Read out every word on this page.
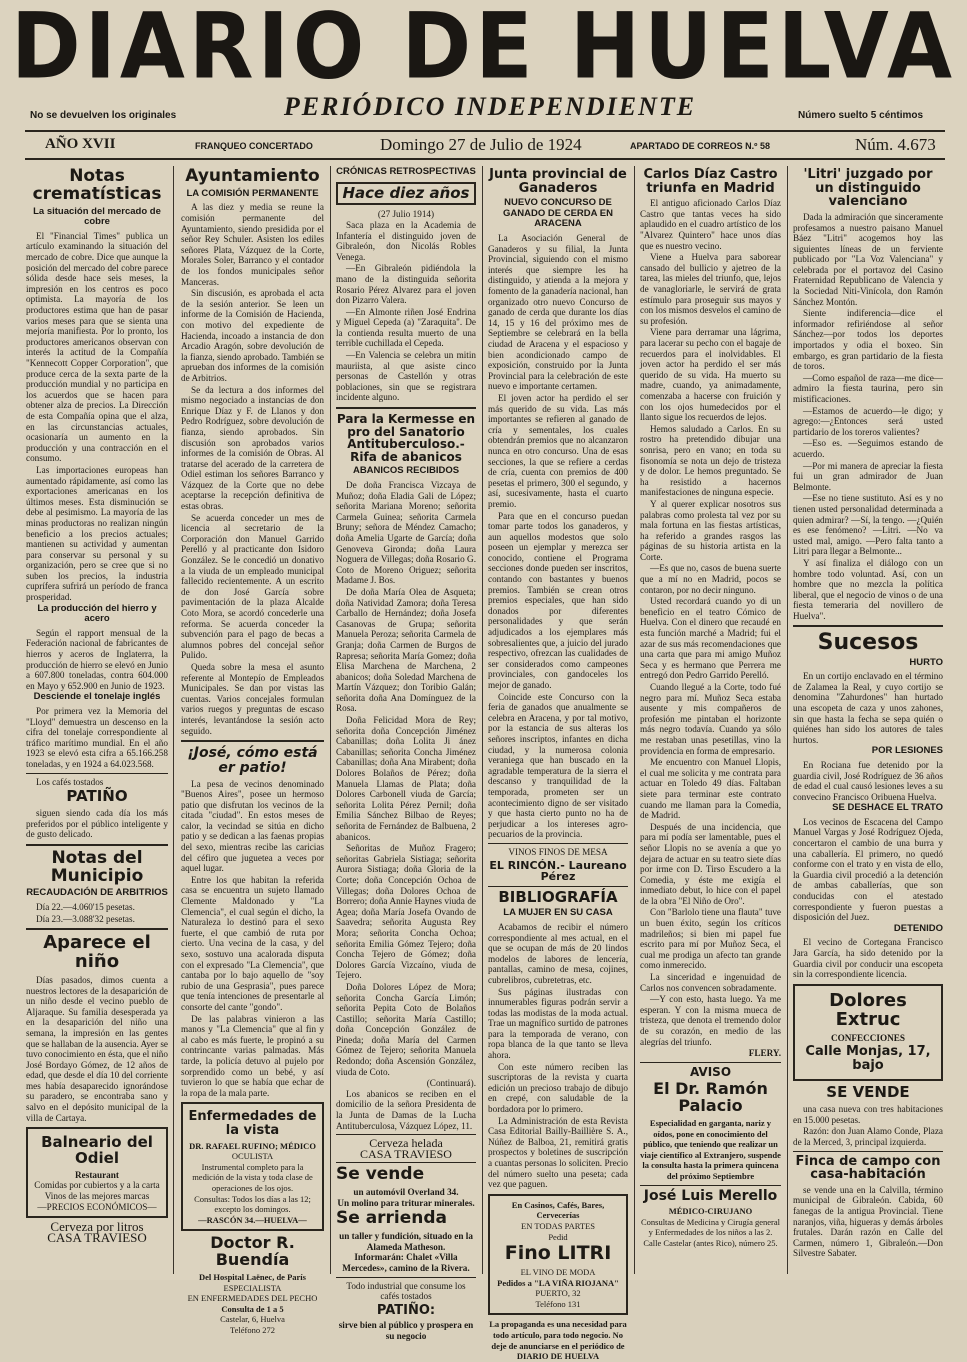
DIARIO DE HUELVA
No se devuelven los originales	PERIÓDICO INDEPENDIENTE	Número suelto 5 céntimos
AÑO XVII	FRANQUEO CONCERTADO	Domingo 27 de Julio de 1924	APARTADO DE CORREOS N.º 58	Núm. 4.673
Notas crematísticas
La situación del mercado de cobre

El "Financial Times" publica un artículo examinando la situación del mercado de cobre. Dice que aunque la posición del mercado del cobre parece sólida desde hace seis meses, la impresión en los centros es poco optimista. La mayoría de los productores estima que han de pasar varios meses para que se sienta una mejoría manifiesta. Por lo pronto, los productores americanos observan con interés la actitud de la Compañía "Kennecott Copper Corporation", que produce cerca de la sexta parte de la producción mundial y no participa en los acuerdos que se hacen para obtener alza de precios. La Dirección de esta Compañía opina que el alza, en las circunstancias actuales, ocasionaría un aumento en la producción y una contracción en el consumo.

Las importaciones europeas han aumentado rápidamente, así como las exportaciones americanas en los últimos meses. Esta disminución se debe al pesimismo. La mayoría de las minas productoras no realizan ningún beneficio a los precios actuales; mantienen su actividad y aumentan para conservar su personal y su organización, pero se cree que si no suben los precios, la industria cuprífera sufrirá un período de franca prosperidad.

La producción del hierro y acero

Según el rapport mensual de la Federación nacional de fabricantes de hierros y aceros de Inglaterra, la producción de hierro se elevó en Junio a 607.800 toneladas, contra 604.000 en Mayo y 652.900 en Junio de 1923.

Desciende el tonelaje inglés

Por primera vez la Memoria del "Lloyd" demuestra un descenso en la cifra del tonelaje correspondiente al tráfico marítimo mundial. En el año 1923 se elevó esta cifra a 65.166.258 toneladas, y en 1924 a 64.023.568.

Los cafés tostados

PATIÑO

siguen siendo cada día los más preferidos por el público inteligente y de gusto delicado.

Notas del Municipio
RECAUDACIÓN DE ARBITRIOS

Día 22.—4.060'15 pesetas.

Día 23.—3.088'32 pesetas.

Aparece el niño

Días pasados, dimos cuenta a nuestros lectores de la desaparición de un niño desde el vecino pueblo de Aljaraque. Su familia desesperada ya en la desaparición del niño una semana, la impresión en las gentes que se hallaban de la ausencia. Ayer se tuvo conocimiento en ésta, que el niño José Bordayo Gómez, de 12 años de edad, que desde el día 10 del corriente mes había desaparecido ignorándose su paradero, se encontraba sano y salvo en el depósito municipal de la villa de Cartaya.

Balneario del Odiel
Restaurant
Comidas por cubiertos y a la carta
Vinos de las mejores marcas
—PRECIOS ECONÓMICOS—
Cerveza por litros
CASA TRAVIESO
Ayuntamiento
LA COMISIÓN PERMANENTE

A las diez y media se reune la comisión permanente del Ayuntamiento, siendo presidida por el señor Rey Schuler. Asisten los ediles señores Plata, Vázquez de la Corte, Morales Soler, Barranco y el contador de los fondos municipales señor Manceras.

Sin discusión, es aprobada el acta de la sesión anterior. Se leen un informe de la Comisión de Hacienda, con motivo del expediente de Hacienda, incoado a instancia de don Arcadio Aragón, sobre devolución de la fianza, siendo aprobado. También se aprueban dos informes de la comisión de Arbitrios.

Se da lectura a dos informes del mismo negociado a instancias de don Enrique Díaz y F. de Llanos y don Pedro Rodríguez, sobre devolución de fianza, siendo aprobados. Sin discusión son aprobados varios informes de la comisión de Obras. Al tratarse del acerado de la carretera de Odiel estiman los señores Barranco y Vázquez de la Corte que no debe aceptarse la recepción definitiva de estas obras.

Se acuerda conceder un mes de licencia al secretario de la Corporación don Manuel Garrido Perelló y al practicante don Isidoro González. Se le concedió un donativo a la viuda de un empleado municipal fallecido recientemente. A un escrito de don José García sobre pavimentación de la plaza Alcalde Coto Mora, se acordó concederle una reforma. Se acuerda conceder la subvención para el pago de becas a alumnos pobres del concejal señor Pulido.

Queda sobre la mesa el asunto referente al Montepío de Empleados Municipales. Se dan por vistas las cuentas. Varios concejales formulan varios ruegos y preguntas de escaso interés, levantándose la sesión acto seguido.

¡José, cómo está er patio!

La pesa de vecinos denominado "Buenos Aires", posee un hermoso patio que disfrutan los vecinos de la citada "ciudad". En estos meses de calor, la vecindad se sitúa en dicho patio y se dedican a las faenas propias del sexo, mientras recibe las caricias del céfiro que juguetea a veces por aquel lugar.

Entre los que habitan la referida casa se encuentra un sujeto llamado Clemente Maldonado y "La Clemencia", el cual según el dicho, la Naturaleza lo destinó para el sexo fuerte, el que cambió de ruta por cierto. Una vecina de la casa, y del sexo, sostuvo una acalorada disputa con el expresado "La Clemencia", que cantaba por lo bajo aquello de "soy rubio de una Gesprasia", pues parece que tenía intenciones de presentarle al consorte del cante "gondo".

De las palabras vinieron a las manos y "La Clemencia" que al fin y al cabo es más fuerte, le propinó a su contrincante varias palmadas. Más tarde, la policía detuvo al pujelo por sorprendido como un bebé, y así tuvieron lo que se había que echar de la ropa de la mala parte.

Enfermedades de la vista
DR. RAFAEL RUFINO; MÉDICO
OCULISTA
Instrumental completo para la medición de la vista y toda clase de operaciones de los ojos.
Consultas: Todos los días a las 12; excepto los domingos.
—RASCÓN 34.—HUELVA—
Doctor R. Buendía
Del Hospital Laënec, de París
ESPECIALISTA
EN ENFERMEDADES DEL PECHO
Consulta de 1 a 5
Castelar, 6, Huelva
Teléfono 272
CRÓNICAS RETROSPECTIVAS
Hace diez años
(27 Julio 1914)

Saca plaza en la Academia de Infantería el distinguido joven de Gibraleón, don Nicolás Robles Venega.

—En Gibraleón pidiéndola la mano de la distinguida señorita Rosario Pérez Alvarez para el joven don Pizarro Valera.

—En Almonte riñen José Endrina y Miguel Cepeda (a) "Zaraquita". De la contienda resulta muerto de una terrible cuchillada el Cepeda.

—En Valencia se celebra un mitin mauriista, al que asiste cinco personas de Castellón y otras poblaciones, sin que se registrara incidente alguno.

Para la Kermesse en pro del Sanatorio Antituberculoso.-Rifa de abanicos
ABANICOS RECIBIDOS

De doña Francisca Vizcaya de Muñoz; doña Eladia Gali de López; señorita Mariana Moreno; señorita Carmela Guinea; señorita Carmela Bruny; señora de Méndez Camacho; doña Amelia Ugarte de García; doña Genoveva Gironda; doña Laura Noguera de Villegas; doña Rosario G. Coto de Moreno Origuez; señorita Madame J. Bos.

De doña María Olea de Asqueta; doña Natividad Zamora; doña Teresa Carballo de Hernández; doña Josefa Casanovas de Grupa; señorita Manuela Peroza; señorita Carmela de Granja; doña Carmen de Burgos de Rapresa; señorita María Gomez; doña Elisa Marchena de Marchena, 2 abanicos; doña Soledad Marchena de Martín Vázquez; don Toribio Galán; señorita doña Ana Domínguez de la Rosa.

Doña Felicidad Mora de Rey; señorita doña Concepción Jiménez Cabanillas; doña Lolita Ji ánez Cabanillas; señorita Concha Jiménez Cabanillas; doña Ana Mirabent; doña Dolores Bolaños de Pérez; doña Manuela Llamas de Plata; doña Dolores Carbonell viuda de García; señorita Lolita Pérez Pernil; doña Emilia Sánchez Bilbao de Reyes; señorita de Fernández de Balbuena, 2 abanicos.

Señoritas de Muñoz Fragero; señoritas Gabriela Sistiaga; señorita Aurora Sistiaga; doña Gloria de la Corte; doña Concepción Ochoa de Villegas; doña Dolores Ochoa de Borrero; doña Annie Haynes viuda de Agea; doña María Josefa Ovando de Saavedra; señorita Augusta Rey Mora; señorita Concha Ochoa; señorita Emilia Gómez Tejero; doña Concha Tejero de Gómez; doña Dolores García Vizcaíno, viuda de Tejero.

Doña Dolores López de Mora; señorita Concha García Limón; señorita Pepita Coto de Bolaños Castillo; señorita María Castillo; doña Concepción González de Pineda; doña María del Carmen Gómez de Tejero; señorita Manuela Redondo; doña Ascensión González, viuda de Coto.

(Continuará).

Los abanicos se reciben en el domicilio de la señora Presidenta de la Junta de Damas de la Lucha Antituberculosa, Vázquez López, 11.

Cerveza helada
CASA TRAVIESO
Se vende
un automóvil Overland 34.
Un molino para triturar minerales.
Se arrienda
un taller y fundición, situado en la Alameda Matheson.
Informarán: Chalet «Villa Mercedes», camino de la Rivera.
Todo industrial que consume los cafés tostados
PATIÑO:
sirve bien al público y prospera en su negocio
Junta provincial de Ganaderos
NUEVO CONCURSO DE GANADO DE CERDA EN ARACENA

La Asociación General de Ganaderos y su filial, la Junta Provincial, siguiendo con el mismo interés que siempre les ha distinguido, y atienda a la mejora y fomento de la ganadería nacional, han organizado otro nuevo Concurso de ganado de cerda que durante los días 14, 15 y 16 del próximo mes de Septiembre se celebrará en la bella ciudad de Aracena y el espacioso y bien acondicionado campo de exposición, construido por la Junta Provincial para la celebración de este nuevo e importante certamen.

El joven actor ha perdido el ser más querido de su vida. Las más importantes se refieren al ganado de cría y sementales, los cuales obtendrán premios que no alcanzaron nunca en otro concurso. Una de esas secciones, la que se refiere a cerdas de cría, cuenta con premios de 400 pesetas el primero, 300 el segundo, y así, sucesivamente, hasta el cuarto premio.

Para que en el concurso puedan tomar parte todos los ganaderos, y aun aquellos modestos que solo poseen un ejemplar y merezca ser conocido, contiene el Programa secciones donde pueden ser inscritos, contando con bastantes y buenos premios. También se crean otros premios especiales, que han sido donados por diferentes personalidades y que serán adjudicados a los ejemplares más sobresalientes que, a juicio del jurado respectivo, ofrezcan las cualidades de ser considerados como campeones provinciales, con gandoceles los mejor de ganado.

Coincide este Concurso con la feria de ganados que anualmente se celebra en Aracena, y por tal motivo, por la estancia de sus alteras los señores inscriptos, infantes en dicha ciudad, y la numerosa colonia veraniega que han buscado en la agradable temperatura de la sierra el descanso y tranquilidad de la temporada, prometen ser un acontecimiento digno de ser visitado y que hasta cierto punto no ha de perjudicar a los intereses agro-pecuarios de la provincia.

VINOS FINOS DE MESA
EL RINCÓN.- Laureano Pérez
BIBLIOGRAFÍA
LA MUJER EN SU CASA

Acabamos de recibir el número correspondiente al mes actual, en el que se ocupan de más de 20 lindos modelos de labores de lencería, pantallas, camino de mesa, cojines, cubrelibros, cubretetras, etc.

Sus páginas ilustradas con innumerables figuras podrán servir a todas las modistas de la moda actual. Trae un magnífico surtido de patrones para la temporada de verano, con ropa blanca de la que tanto se lleva ahora.

Con este número reciben las suscriptoras de la revista y cuarta edición un precioso trabajo de dibujo en crepé, con saludable de la bordadora por lo primero.

La Administración de esta Revista Casa Editorial Bailly-Baillière S. A., Núñez de Balboa, 21, remitirá gratis prospectos y boletines de suscripción a cuantas personas lo soliciten. Precio del número suelto una peseta; cada vez que paguen.

En Casinos, Cafés, Bares, Cervecerías
EN TODAS PARTES
Pedid
Fino LITRI
EL VINO DE MODA
Pedidos a "LA VIÑA RIOJANA"
PUERTO, 32
Teléfono 131
La propaganda es una necesidad para todo artículo, para todo negocio. No deje de anunciarse en el periódico de DIARIO DE HUELVA
Carlos Díaz Castro triunfa en Madrid

El antiguo aficionado Carlos Díaz Castro que tantas veces ha sido aplaudido en el cuadro artístico de los "Alvarez Quintero" hace unos días que es nuestro vecino.

Viene a Huelva para saborear cansado del bullicio y ajetreo de la tarea, las mieles del triunfo, que, lejos de vanagloriarle, le servirá de grata estímulo para proseguir sus mayos y con los mismos desvelos el camino de su profesión.

Viene para derramar una lágrima, para lacerar su pecho con el bagaje de recuerdos para el inolvidables. El joven actor ha perdido el ser más querido de su vida. Ha muerto su madre, cuando, ya animadamente, comenzaba a hacerse con fruición y con los ojos humedecidos por el llanto sigue los recuerdos de lejos.

Hemos saludado a Carlos. En su rostro ha pretendido dibujar una sonrisa, pero en vano; en toda su fisonomía se nota un dejo de tristeza y de dolor. Le hemos preguntado. Se ha resistido a hacernos manifestaciones de ninguna especie.

Y al querer explicar nosotros sus palabras como prolesta tal vez por su mala fortuna en las fiestas artísticas, ha referido a grandes rasgos las páginas de su historia artista en la Corte.

—Es que no, casos de buena suerte que a mí no en Madrid, pocos se contaron, por no decir ninguno.

Usted recordará cuando yo di un beneficio en el teatro Cómico de Huelva. Con el dinero que recaudé en esta función marché a Madrid; fui el azar de sus más recomendaciones que una carta que para mi amigo Muñoz Seca y es hermano que Perrera me entregó don Pedro Garrido Perelló.

Cuando llegué a la Corte, todo fué negro para mí. Muñoz Seca estaba ausente y mis compañeros de profesión me pintaban el horizonte más negro todavía. Cuando ya sólo me restaban unas pesetillas, vino la providencia en forma de empresario.

Me encuentro con Manuel Llopis, el cual me solicita y me contrata para actuar en Toledo 49 días. Faltaban siete para terminar este contrato cuando me llaman para la Comedia, de Madrid.

Después de una incidencia, que para mí podía ser lamentable, pues el señor Llopis no se avenía a que yo dejara de actuar en su teatro siete días por irme con D. Tirso Escudero a la Comedia, y éste me exigía el inmediato debut, lo hice con el papel de la obra "El Niño de Oro".

Con "Barlolo tiene una flauta" tuve un buen éxito, según los críticos madrileños; si bien mi papel fue escrito para mí por Muñoz Seca, el cual me prodiga un afecto tan grande como inmerecido.

La sinceridad e ingenuidad de Carlos nos convencen sobradamente.

—Y con esto, hasta luego. Ya me esperan. Y con la misma mueca de tristeza, que denota el tremendo dolor de su corazón, en medio de las alegrías del triunfo.

FLERY.
AVISO
El Dr. Ramón Palacio
Especialidad en garganta, nariz y oídos, pone en conocimiento del público, que teniendo que realizar un viaje científico al Extranjero, suspende la consulta hasta la primera quincena del próximo Septiembre
José Luis Merello
MÉDICO-CIRUJANO
Consultas de Medicina y Cirugía general y Enfermedades de los niños a las 2.
Calle Castelar (antes Rico), número 25.
'Litri' juzgado por un distinguido valenciano

Dada la admiración que sinceramente profesamos a nuestro paisano Manuel Báez "Litri" acogemos hoy las siguientes líneas de un ferviente publicado por "La Voz Valenciana" y celebrada por el portavoz del Casino Fraternidad Republicano de Valencia y la Sociedad Niti-Vinícola, don Ramón Sánchez Montón.

Siente indiferencia—dice el informador refiriéndose al señor Sánchez—por todos los deportes importados y odia el boxeo. Sin embargo, es gran partidario de la fiesta de toros.

—Como español de raza—me dice—admiro la fiesta taurina, pero sin mistificaciones.

—Estamos de acuerdo—le digo; y agrego:—¿Entonces será usted partidario de los toreros valientes?

—Eso es. —Seguimos estando de acuerdo.

—Por mi manera de apreciar la fiesta fui un gran admirador de Juan Belmonte.

—Ese no tiene sustituto. Así es y no tienen usted personalidad determinada a quien admirar? —Sí, la tengo. —¿Quién es ese fenómeno? —Litri. —No va usted mal, amigo. —Pero falta tanto a Litri para llegar a Belmonte...

Y así finaliza el diálogo con un hombre todo voluntad. Así, con un hombre que no mezcla la política liberal, que el negocio de vinos o de una fiesta temeraria del novillero de Huelva".

Sucesos
HURTO

En un cortijo enclavado en el término de Zalamea la Real, y cuyo cortijo se denomina "Zahurdones" han hurtado una escopeta de caza y unos zahones, sin que hasta la fecha se sepa quién o quiénes han sido los autores de tales hurtos.

POR LESIONES

En Rociana fue detenido por la guardia civil, José Rodríguez de 36 años de edad el cual causó lesiones leves a su convecino Francisco Oribuena Huelva.

SE DESHACE EL TRATO

Los vecinos de Escacena del Campo Manuel Vargas y José Rodríguez Ojeda, concertaron el cambio de una burra y una caballería. El primero, no quedó conforme con el trato y en vista de ello, la Guardia civil procedió a la detención de ambas caballerías, que son conducidas con el atestado correspondiente y fueron puestas a disposición del Juez.

DETENIDO

El vecino de Cortegana Francisco Jara García, ha sido detenido por la Guardia civil por conducir una escopeta sin la correspondiente licencia.

Dolores Extruc
CONFECCIONES
Calle Monjas, 17, bajo
SE VENDE

una casa nueva con tres habitaciones en 15.000 pesetas.

Razón: don Juan Alamo Conde, Plaza de la Merced, 3, principal izquierda.

Finca de campo con casa-habitación

se vende una en la Calvilla, término municipal de Gibraleón. Cabida, 60 fanegas de la antigua Provincial. Tiene naranjos, viña, higueras y demás árboles frutales. Darán razón en Calle del Carmen, número 1, Gibraleón.—Don Silvestre Sabater.
